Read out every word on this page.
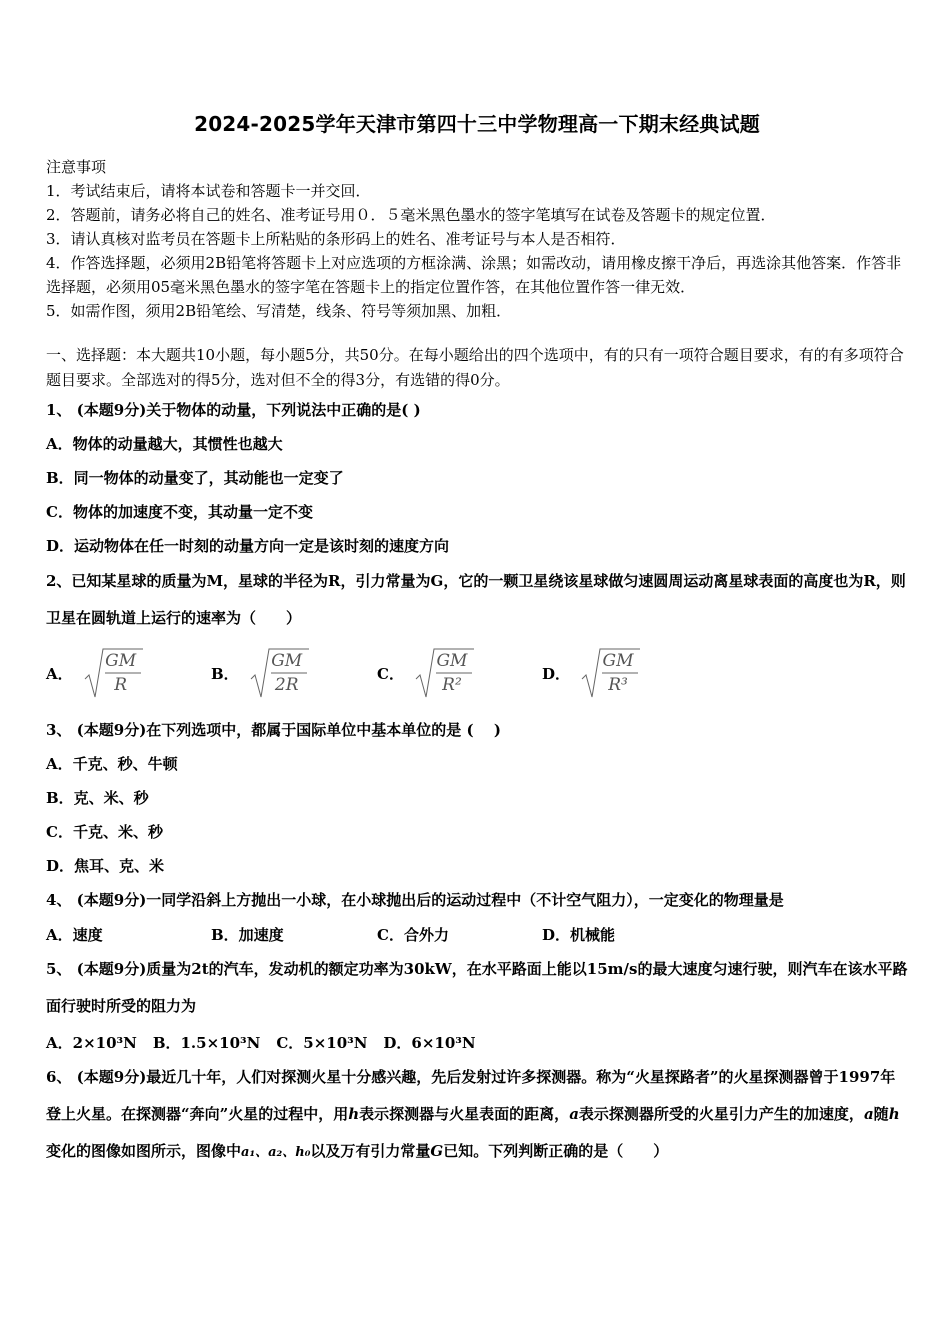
2024-2025学年天津市第四十三中学物理高一下期末经典试题

注意事项

1．考试结束后，请将本试卷和答题卡一并交回．

2．答题前，请务必将自己的姓名、准考证号用０．５毫米黑色墨水的签字笔填写在试卷及答题卡的规定位置．

3．请认真核对监考员在答题卡上所粘贴的条形码上的姓名、准考证号与本人是否相符．

4．作答选择题，必须用2B铅笔将答题卡上对应选项的方框涂满、涂黑；如需改动，请用橡皮擦干净后，再选涂其他答案．作答非选择题，必须用05毫米黑色墨水的签字笔在答题卡上的指定位置作答，在其他位置作答一律无效．

5．如需作图，须用2B铅笔绘、写清楚，线条、符号等须加黑、加粗．

一、选择题：本大题共10小题，每小题5分，共50分。在每小题给出的四个选项中，有的只有一项符合题目要求，有的有多项符合题目要求。全部选对的得5分，选对但不全的得3分，有选错的得0分。

1、 (本题9分)关于物体的动量，下列说法中正确的是( )

A．物体的动量越大，其惯性也越大

B．同一物体的动量变了，其动能也一定变了

C．物体的加速度不变，其动量一定不变

D．运动物体在任一时刻的动量方向一定是该时刻的速度方向

2、已知某星球的质量为M，星球的半径为R，引力常量为G，它的一颗卫星绕该星球做匀速圆周运动离星球表面的高度也为R，则卫星在圆轨道上运行的速率为（　　）

A．
GM
R
B．
GM
2R
C．
GM
R²
D．
GM
R³

3、 (本题9分)在下列选项中，都属于国际单位中基本单位的是 (　 )

A．千克、秒、牛顿

B．克、米、秒

C．千克、米、秒

D．焦耳、克、米

4、 (本题9分)一同学沿斜上方抛出一小球，在小球抛出后的运动过程中（不计空气阻力），一定变化的物理量是

A．速度	B．加速度	C．合外力	D．机械能

5、 (本题9分)质量为2t的汽车，发动机的额定功率为30kW，在水平路面上能以15m/s的最大速度匀速行驶，则汽车在该水平路面行驶时所受的阻力为

A．2×10³N B．1.5×10³N C．5×10³N D．6×10³N

6、 (本题9分)最近几十年，人们对探测火星十分感兴趣，先后发射过许多探测器。称为“火星探路者”的火星探测器曾于1997年登上火星。在探测器“奔向”火星的过程中，用h表示探测器与火星表面的距离，a表示探测器所受的火星引力产生的加速度，a随h变化的图像如图所示，图像中a₁、a₂、h₀以及万有引力常量G已知。下列判断正确的是（　　）
